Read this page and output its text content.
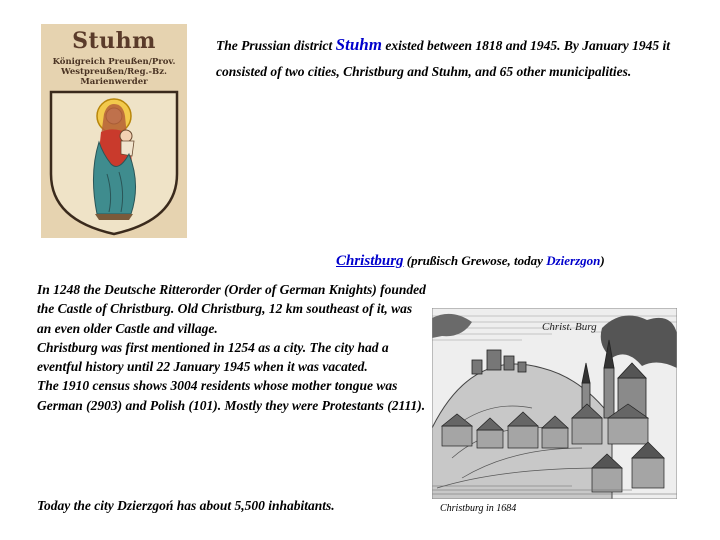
Stuhm
Königreich Preußen/Prov. Westpreußen/Reg.-Bz. Marienwerder
The Prussian district Stuhm existed between 1818 and 1945. By January 1945 it consisted of two cities, Christburg and Stuhm, and 65 other municipalities.
Christburg (prußisch Grewose, today Dzierzgon)

In 1248 the Deutsche Ritterorder (Order of German Knights) founded the Castle of Christburg. Old Christburg, 12 km southeast of it, was an even older Castle and village.

Christburg was first mentioned in 1254 as a city. The city had a eventful history until 22 January 1945 when it was vacated.

The 1910 census shows 3004 residents whose mother tongue was German (2903) and Polish (101). Mostly they were Protestants (2111).

Today the city Dzierzgoń has about 5,500 inhabitants.
Christ. Burg
Christburg in 1684
